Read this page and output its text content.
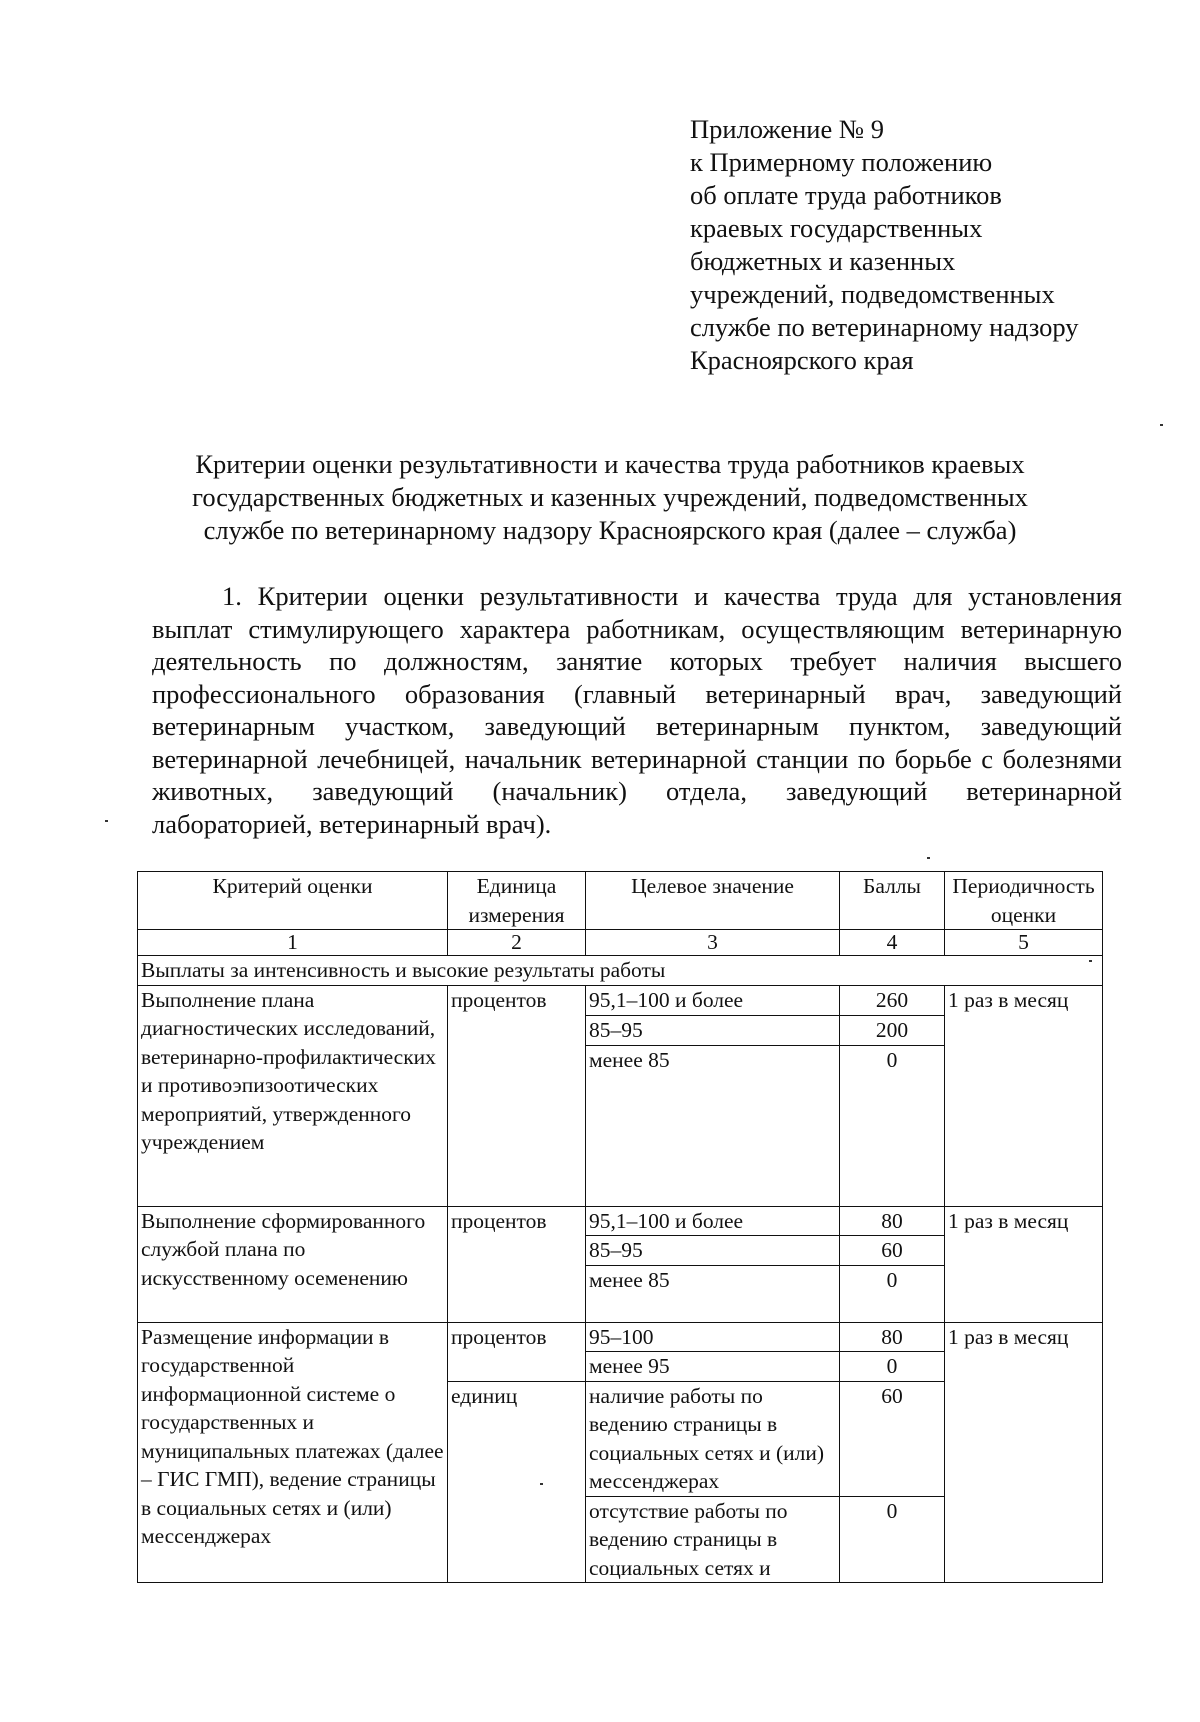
Приложение № 9
к Примерному положению
об оплате труда работников
краевых государственных
бюджетных и казенных
учреждений, подведомственных
службе по ветеринарному надзору
Красноярского края
Критерии оценки результативности и качества труда работников краевых
государственных бюджетных и казенных учреждений, подведомственных
службе по ветеринарному надзору Красноярского края (далее – служба)
1. Критерии оценки результативности и качества труда для установления выплат стимулирующего характера работникам, осуществляющим ветеринарную деятельность по должностям, занятие которых требует наличия высшего профессионального образования (главный ветеринарный врач, заведующий ветеринарным участком, заведующий ветеринарным пунктом, заведующий ветеринарной лечебницей, начальник ветеринарной станции по борьбе с болезнями животных, заведующий (начальник) отдела, заведующий ветеринарной лабораторией, ветеринарный врач).
Критерий оценки	Единица измерения	Целевое значение	Баллы	Периодичность оценки
1	2	3	4	5
Выплаты за интенсивность и высокие результаты работы				
Выполнение плана диагностических исследований, ветеринарно-профилактических и противоэпизоотических мероприятий, утвержденного учреждением	процентов	95,1–100 и более	260	1 раз в месяц
		85–95	200	
		менее 85	0	
Выполнение сформированного службой плана по искусственному осеменению	процентов	95,1–100 и более	80	1 раз в месяц
		85–95	60	
		менее 85	0	
Размещение информации в государственной информационной системе о государственных и муниципальных платежах (далее – ГИС ГМП), ведение страницы в социальных сетях и (или) мессенджерах	процентов	95–100	80	1 раз в месяц
		менее 95	0	
	единиц	наличие работы по ведению страницы в социальных сетях и (или) мессенджерах	60	
		отсутствие работы по ведению страницы в социальных сетях и	0	
